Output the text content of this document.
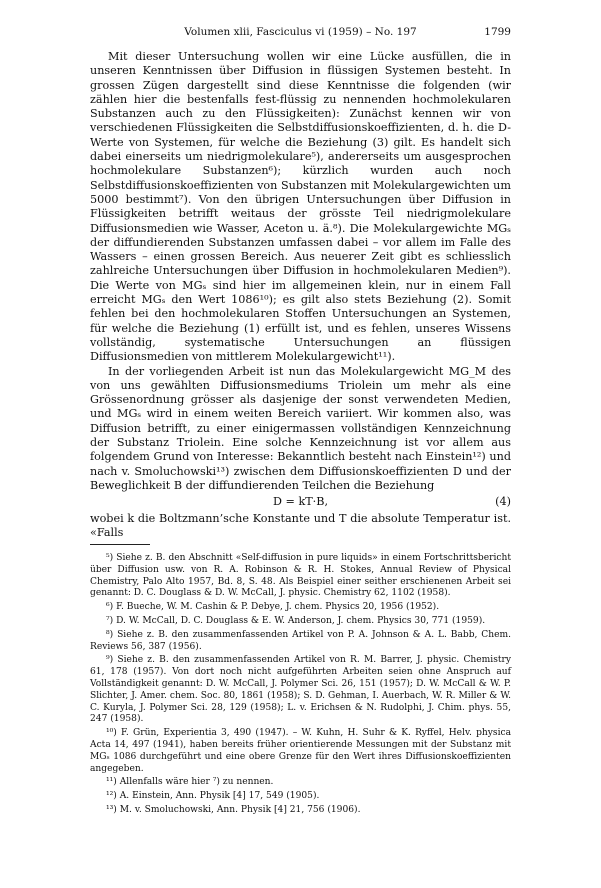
Volumen xlii, Fasciculus vi (1959) – No. 197	1799

Mit dieser Untersuchung wollen wir eine Lücke ausfüllen, die in unseren Kenntnissen über Diffusion in flüssigen Systemen besteht. In grossen Zügen dargestellt sind diese Kenntnisse die folgenden (wir zählen hier die bestenfalls fest-flüssig zu nennenden hochmolekularen Substanzen auch zu den Flüssigkeiten): Zunächst kennen wir von verschiedenen Flüssigkeiten die Selbstdiffusionskoeffizienten, d. h. die D-Werte von Systemen, für welche die Beziehung (3) gilt. Es handelt sich dabei einerseits um niedrigmolekulare⁵), andererseits um ausgesprochen hochmolekulare Substanzen⁶); kürzlich wurden auch noch Selbstdiffusionskoeffizienten von Substanzen mit Molekulargewichten um 5000 bestimmt⁷). Von den übrigen Untersuchungen über Diffusion in Flüssigkeiten betrifft weitaus der grösste Teil niedrigmolekulare Diffusionsmedien wie Wasser, Aceton u. ä.⁸). Die Molekulargewichte MGₛ der diffundierenden Substanzen umfassen dabei – vor allem im Falle des Wassers – einen grossen Bereich. Aus neuerer Zeit gibt es schliesslich zahlreiche Untersuchungen über Diffusion in hochmolekularen Medien⁹). Die Werte von MGₛ sind hier im allgemeinen klein, nur in einem Fall erreicht MGₛ den Wert 1086¹⁰); es gilt also stets Beziehung (2). Somit fehlen bei den hochmolekularen Stoffen Untersuchungen an Systemen, für welche die Beziehung (1) erfüllt ist, und es fehlen, unseres Wissens vollständig, systematische Untersuchungen an flüssigen Diffusionsmedien von mittlerem Molekulargewicht¹¹).

In der vorliegenden Arbeit ist nun das Molekulargewicht MG_M des von uns gewählten Diffusionsmediums Triolein um mehr als eine Grössenordnung grösser als dasjenige der sonst verwendeten Medien, und MGₛ wird in einem weiten Bereich variiert. Wir kommen also, was Diffusion betrifft, zu einer einigermassen vollständigen Kennzeichnung der Substanz Triolein. Eine solche Kennzeichnung ist vor allem aus folgendem Grund von Interesse: Bekanntlich besteht nach Einstein¹²) und nach v. Smoluchowski¹³) zwischen dem Diffusionskoeffizienten D und der Beweglichkeit B der diffundierenden Teilchen die Beziehung

D = kT·B,	(4)

wobei k die Boltzmann’sche Konstante und T die absolute Temperatur ist. «Falls

⁵) Siehe z. B. den Abschnitt «Self-diffusion in pure liquids» in einem Fortschrittsbericht über Diffusion usw. von R. A. Robinson & R. H. Stokes, Annual Review of Physical Chemistry, Palo Alto 1957, Bd. 8, S. 48. Als Beispiel einer seither erschienenen Arbeit sei genannt: D. C. Douglass & D. W. McCall, J. physic. Chemistry 62, 1102 (1958).

⁶) F. Bueche, W. M. Cashin & P. Debye, J. chem. Physics 20, 1956 (1952).

⁷) D. W. McCall, D. C. Douglass & E. W. Anderson, J. chem. Physics 30, 771 (1959).

⁸) Siehe z. B. den zusammenfassenden Artikel von P. A. Johnson & A. L. Babb, Chem. Reviews 56, 387 (1956).

⁹) Siehe z. B. den zusammenfassenden Artikel von R. M. Barrer, J. physic. Chemistry 61, 178 (1957). Von dort noch nicht aufgeführten Arbeiten seien ohne Anspruch auf Vollständigkeit genannt: D. W. McCall, J. Polymer Sci. 26, 151 (1957); D. W. McCall & W. P. Slichter, J. Amer. chem. Soc. 80, 1861 (1958); S. D. Gehman, I. Auerbach, W. R. Miller & W. C. Kuryla, J. Polymer Sci. 28, 129 (1958); L. v. Erichsen & N. Rudolphi, J. Chim. phys. 55, 247 (1958).

¹⁰) F. Grün, Experientia 3, 490 (1947). – W. Kuhn, H. Suhr & K. Ryffel, Helv. physica Acta 14, 497 (1941), haben bereits früher orientierende Messungen mit der Substanz mit MGₛ 1086 durchgeführt und eine obere Grenze für den Wert ihres Diffusionskoeffizienten angegeben.

¹¹) Allenfalls wäre hier ⁷) zu nennen.

¹²) A. Einstein, Ann. Physik [4] 17, 549 (1905).

¹³) M. v. Smoluchowski, Ann. Physik [4] 21, 756 (1906).
